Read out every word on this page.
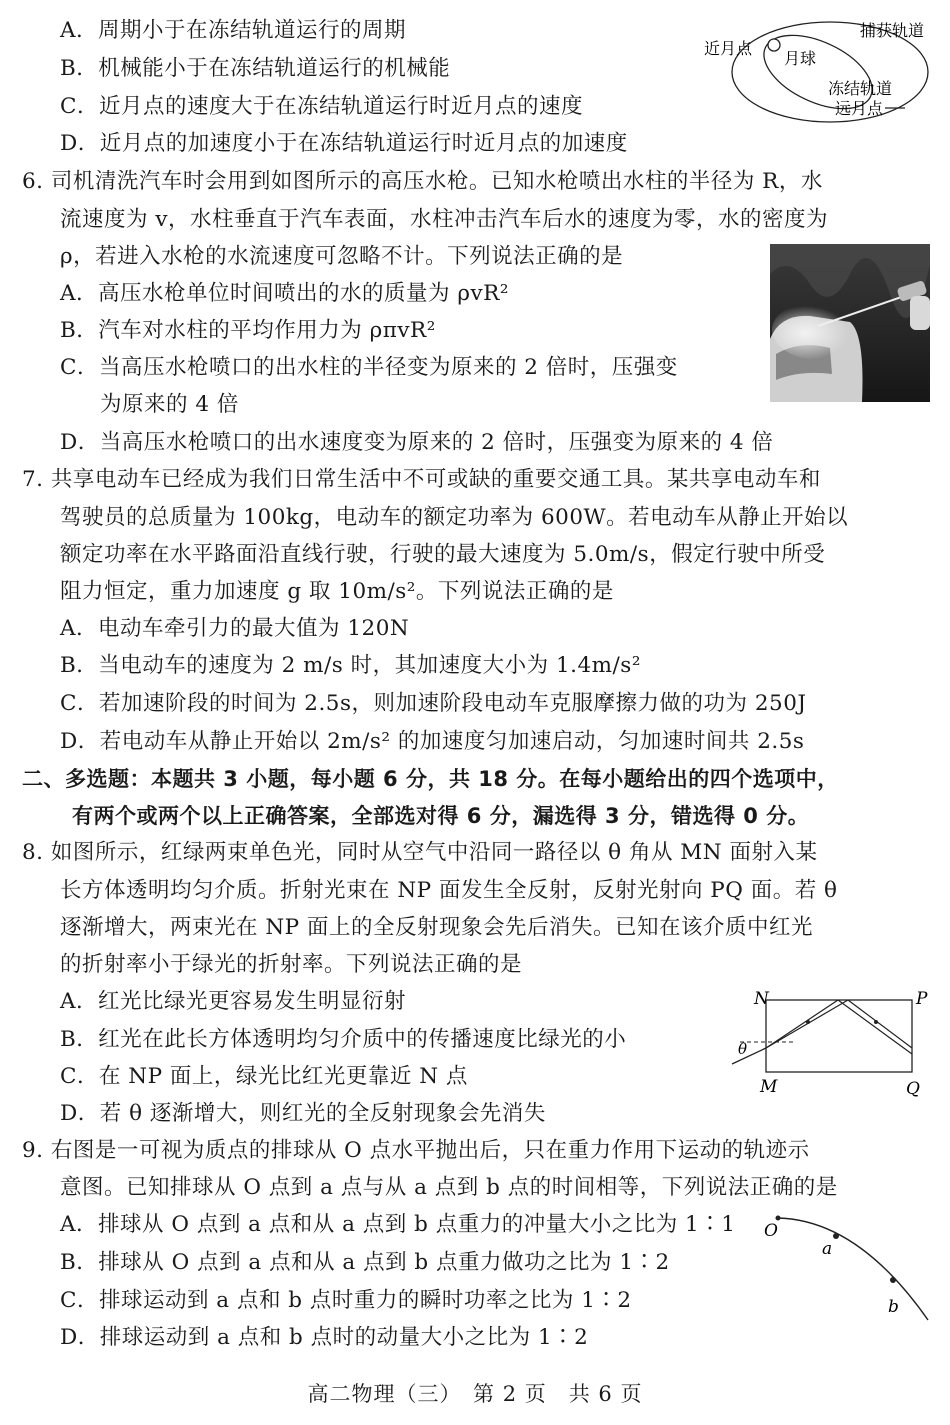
A．周期小于在冻结轨道运行的周期
B．机械能小于在冻结轨道运行的机械能
C．近月点的速度大于在冻结轨道运行时近月点的速度
D．近月点的加速度小于在冻结轨道运行时近月点的加速度
捕获轨道
近月点
月球
冻结轨道
远月点
6. 司机清洗汽车时会用到如图所示的高压水枪。已知水枪喷出水柱的半径为 R，水
流速度为 v，水柱垂直于汽车表面，水柱冲击汽车后水的速度为零，水的密度为
ρ，若进入水枪的水流速度可忽略不计。下列说法正确的是
A．高压水枪单位时间喷出的水的质量为 ρvR²
B．汽车对水柱的平均作用力为 ρπvR²
C．当高压水枪喷口的出水柱的半径变为原来的 2 倍时，压强变
为原来的 4 倍
D．当高压水枪喷口的出水速度变为原来的 2 倍时，压强变为原来的 4 倍
7. 共享电动车已经成为我们日常生活中不可或缺的重要交通工具。某共享电动车和
驾驶员的总质量为 100kg，电动车的额定功率为 600W。若电动车从静止开始以
额定功率在水平路面沿直线行驶，行驶的最大速度为 5.0m/s，假定行驶中所受
阻力恒定，重力加速度 g 取 10m/s²。下列说法正确的是
A．电动车牵引力的最大值为 120N
B．当电动车的速度为 2 m/s 时，其加速度大小为 1.4m/s²
C．若加速阶段的时间为 2.5s，则加速阶段电动车克服摩擦力做的功为 250J
D．若电动车从静止开始以 2m/s² 的加速度匀加速启动，匀加速时间共 2.5s
二、多选题：本题共 3 小题，每小题 6 分，共 18 分。在每小题给出的四个选项中，
有两个或两个以上正确答案，全部选对得 6 分，漏选得 3 分，错选得 0 分。
8. 如图所示，红绿两束单色光，同时从空气中沿同一路径以 θ 角从 MN 面射入某
长方体透明均匀介质。折射光束在 NP 面发生全反射，反射光射向 PQ 面。若 θ
逐渐增大，两束光在 NP 面上的全反射现象会先后消失。已知在该介质中红光
的折射率小于绿光的折射率。下列说法正确的是
A．红光比绿光更容易发生明显衍射
B．红光在此长方体透明均匀介质中的传播速度比绿光的小
C．在 NP 面上，绿光比红光更靠近 N 点
D．若 θ 逐渐增大，则红光的全反射现象会先消失
N	P
M	Q
θ
9. 右图是一可视为质点的排球从 O 点水平抛出后，只在重力作用下运动的轨迹示
意图。已知排球从 O 点到 a 点与从 a 点到 b 点的时间相等，下列说法正确的是
A．排球从 O 点到 a 点和从 a 点到 b 点重力的冲量大小之比为 1∶1
B．排球从 O 点到 a 点和从 a 点到 b 点重力做功之比为 1∶2
C．排球运动到 a 点和 b 点时重力的瞬时功率之比为 1∶2
D．排球运动到 a 点和 b 点时的动量大小之比为 1∶2
O
a
b
高二物理（三）　第 2 页　共 6 页
